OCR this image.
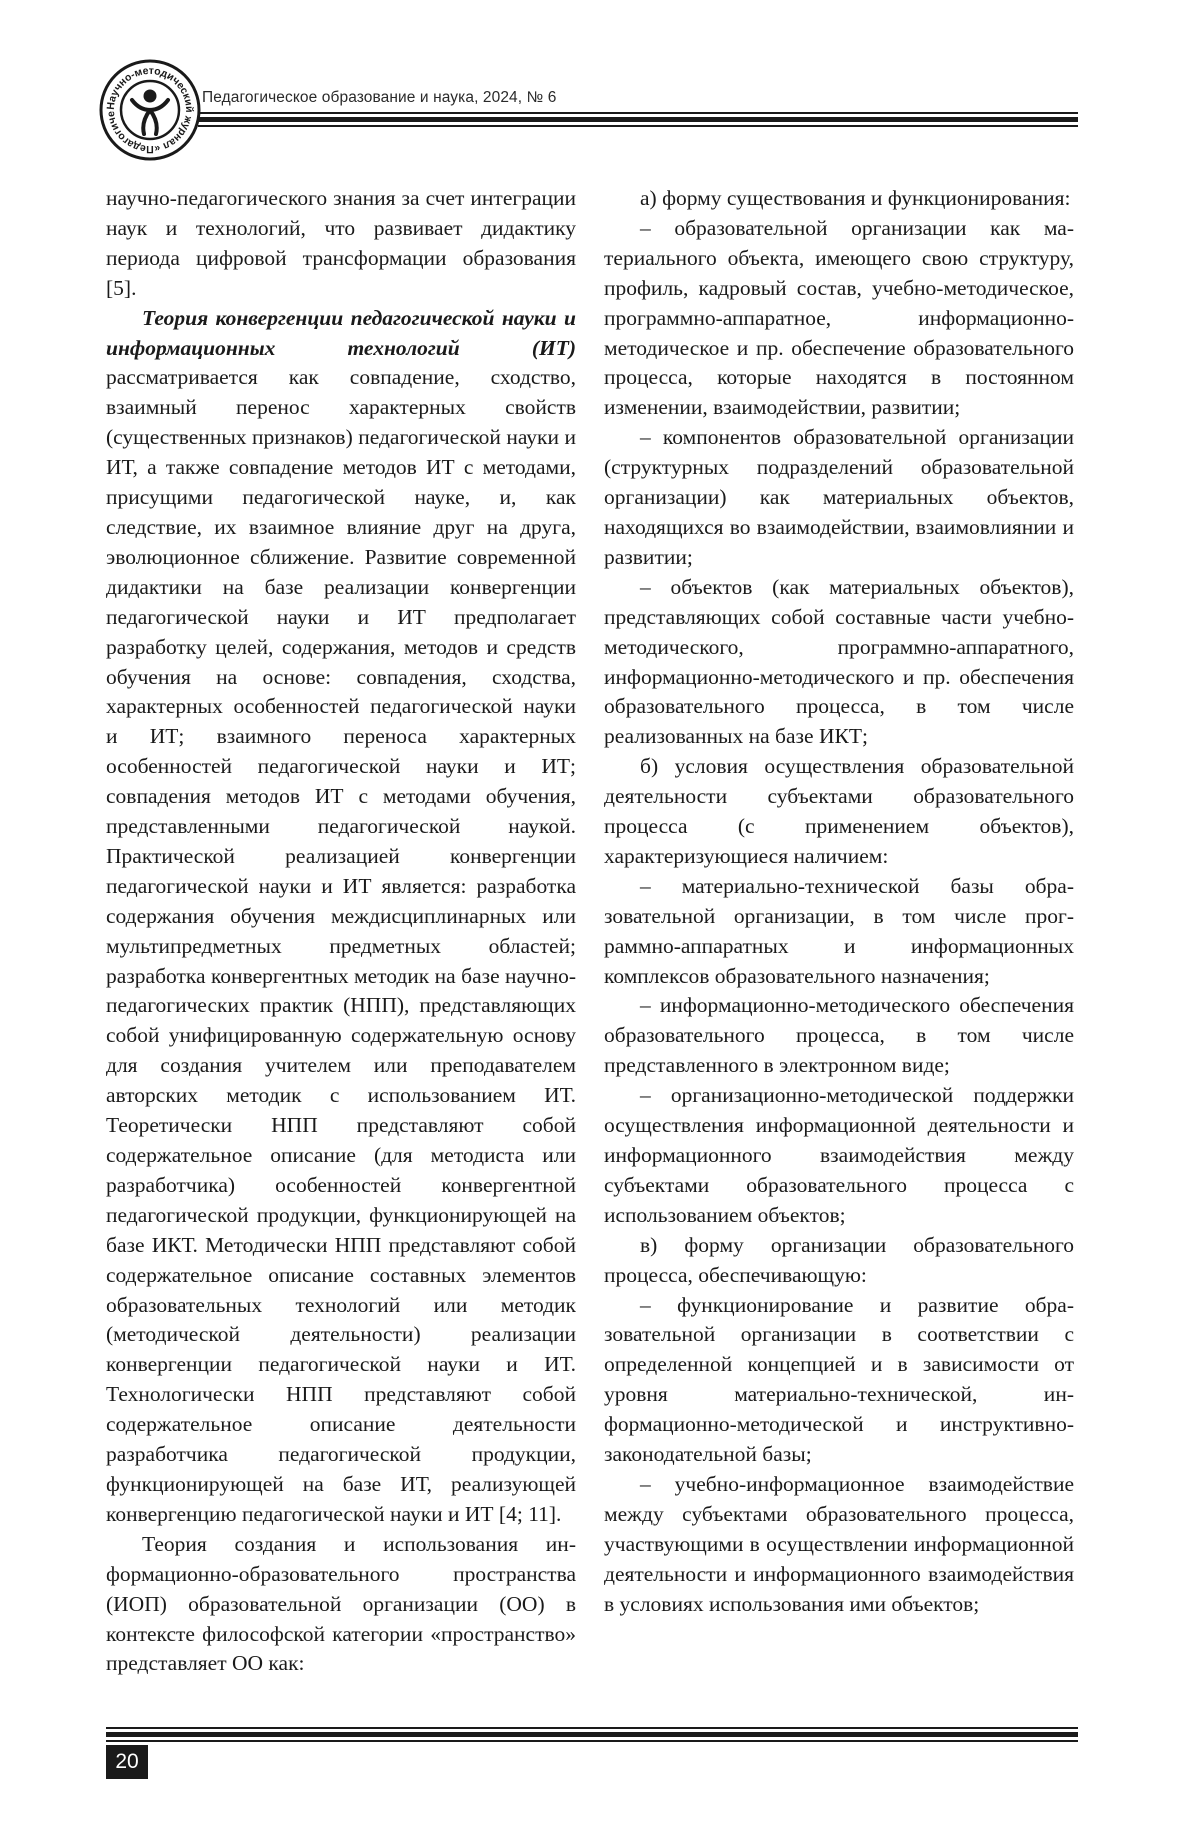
Научно-методический журнал «Педагогиче
Педагогическое образование и наука, 2024, № 6

научно-педагогического знания за счет интеграции наук и технологий, что развивает дидактику периода цифровой трансформации образования [5].

Теория конвергенции педагогической науки и информационных технологий (ИТ) рассматривается как совпадение, сходство, взаимный перенос характерных свойств (существенных признаков) педагогической науки и ИТ, а также совпадение методов ИТ с методами, присущими педагогической науке, и, как следствие, их взаимное влияние друг на друга, эволюционное сближение. Развитие современной дидактики на базе реализации конвергенции педагогической науки и ИТ предполагает разработку целей, содержания, методов и средств обучения на основе: совпадения, сходства, характерных особенностей педагогической науки и ИТ; взаимного переноса характерных особенностей педагогической науки и ИТ; совпадения методов ИТ с методами обучения, представленными педагогической наукой. Практической реализацией конвергенции педагогической науки и ИТ является: разработка содержания обучения междисциплинарных или мультипредметных предметных областей; разработка конвергентных методик на базе научно-педагогических практик (НПП), представляющих собой унифицированную содержательную основу для создания учителем или преподавателем авторских методик с использованием ИТ. Теоретически НПП представляют собой содержательное описание (для методиста или разработчика) особенностей конвергентной педагогической продукции, функционирующей на базе ИКТ. Методически НПП представляют собой содержательное описание составных элементов образовательных технологий или методик (методической деятельности) реализации конвергенции педагогической науки и ИТ. Технологически НПП представляют собой содержательное описание деятельности разработчика педагогической продукции, функционирующей на базе ИТ, реализующей конвергенцию педагогической науки и ИТ [4; 11].

Теория создания и использования информационно-образовательного пространства (ИОП) образовательной организации (ОО) в контексте философской категории «пространство» представляет ОО как:

а) форму существования и функционирования:

– образовательной организации как материального объекта, имеющего свою структуру, профиль, кадровый состав, учебно-методическое, программно-аппаратное, информационно-методическое и пр. обеспечение образовательного процесса, которые находятся в постоянном изменении, взаимодействии, развитии;

– компонентов образовательной организации (структурных подразделений образовательной организации) как материальных объектов, находящихся во взаимодействии, взаимовлиянии и развитии;

– объектов (как материальных объектов), представляющих собой составные части учебно-методического, программно-аппаратного, информационно-методического и пр. обеспечения образовательного процесса, в том числе реализованных на базе ИКТ;

б) условия осуществления образовательной деятельности субъектами образовательного процесса (с применением объектов), характеризующиеся наличием:

– материально-технической базы образовательной организации, в том числе программно-аппаратных и информационных комплексов образовательного назначения;

– информационно-методического обеспечения образовательного процесса, в том числе представленного в электронном виде;

– организационно-методической поддержки осуществления информационной деятельности и информационного взаимодействия между субъектами образовательного процесса с использованием объектов;

в) форму организации образовательного процесса, обеспечивающую:

– функционирование и развитие образовательной организации в соответствии с определенной концепцией и в зависимости от уровня материально-технической, информационно-методической и инструктивно-законодательной базы;

– учебно-информационное взаимодействие между субъектами образовательного процесса, участвующими в осуществлении информационной деятельности и информационного взаимодействия в условиях использования ими объектов;

20
